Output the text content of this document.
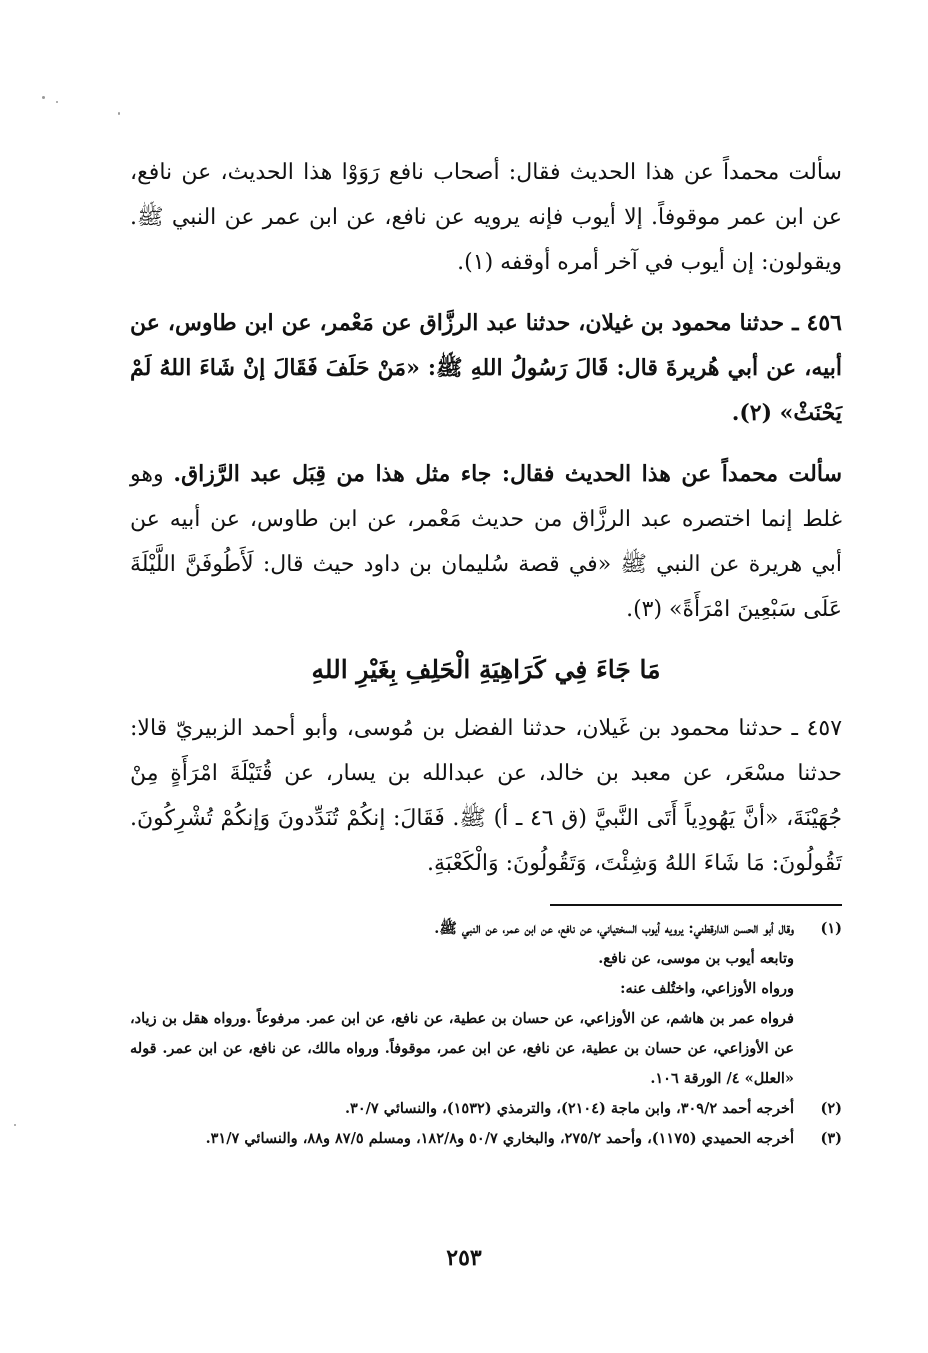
سألت محمداً عن هذا الحديث فقال: أصحاب نافع رَوَوْا هذا الحديث، عن نافع، عن ابن عمر موقوفاً. إلا أيوب فإنه يرويه عن نافع، عن ابن عمر عن النبي ﷺ. ويقولون: إن أيوب في آخر أمره أوقفه (١).

٤٥٦ ـ حدثنا محمود بن غيلان، حدثنا عبد الرزَّاق عن مَعْمر، عن ابن طاوس، عن أبيه، عن أبي هُريرةَ قال: قَالَ رَسُولُ اللهِ ﷺ: «مَنْ حَلَفَ فَقَالَ إنْ شَاءَ اللهُ لَمْ يَحْنَثْ» (٢).

سألت محمداً عن هذا الحديث فقال: جاء مثل هذا من قِبَل عبد الرَّزاق. وهو غلط إنما اختصره عبد الرزَّاق من حديث مَعْمر، عن ابن طاوس، عن أبيه عن أبي هريرة عن النبي ﷺ «في قصة سُليمان بن داود حيث قال: لَأَطُوفَنَّ اللَّيْلَةَ عَلَى سَبْعِينَ امْرَأَةً» (٣).

مَا جَاءَ فِي كَرَاهِيَةِ الْحَلِفِ بِغَيْرِ اللهِ

٤٥٧ ـ حدثنا محمود بن غَيلان، حدثنا الفضل بن مُوسى، وأبو أحمد الزبيريّ قالا: حدثنا مسْعَر، عن معبد بن خالد، عن عبدالله بن يسار، عن قُتَيْلَةَ امْرَأَةٍ مِنْ جُهَيْنَةَ، «أنَّ يَهُودِياً أَتَى النَّبيَّ (ق ٤٦ ـ أ) ﷺ. فَقَالَ: إنكُمْ تُنَدِّدونَ وَإنكُمْ تُشْرِكُونَ. تَقُولُونَ: مَا شَاءَ اللهُ وَشِئْتَ، وَتَقُولُونَ: وَالْكَعْبَةِ.

(١)
وقال أبو الحسن الدارقطني: يرويه أيوب السختياني، عن نافع، عن ابن عمر، عن النبي ﷺ.
وتابعه أيوب بن موسى، عن نافع.
ورواه الأوزاعي، واختُلف عنه:
فرواه عمر بن هاشم، عن الأوزاعي، عن حسان بن عطية، عن نافع، عن ابن عمر. مرفوعاً .ورواه هقل بن زياد، عن الأوزاعي، عن حسان بن عطية، عن نافع، عن ابن عمر، موقوفاً. ورواه مالك، عن نافع، عن ابن عمر. قوله «العلل» ٤/ الورقة ١٠٦.
(٢)
أخرجه أحمد ٣٠٩/٢، وابن ماجة (٢١٠٤)، والترمذي (١٥٣٢)، والنسائي ٣٠/٧.
(٣)
أخرجه الحميدي (١١٧٥)، وأحمد ٢٧٥/٢، والبخاري ٥٠/٧ و١٨٢/٨، ومسلم ٨٧/٥ و٨٨، والنسائي ٣١/٧.
٢٥٣
